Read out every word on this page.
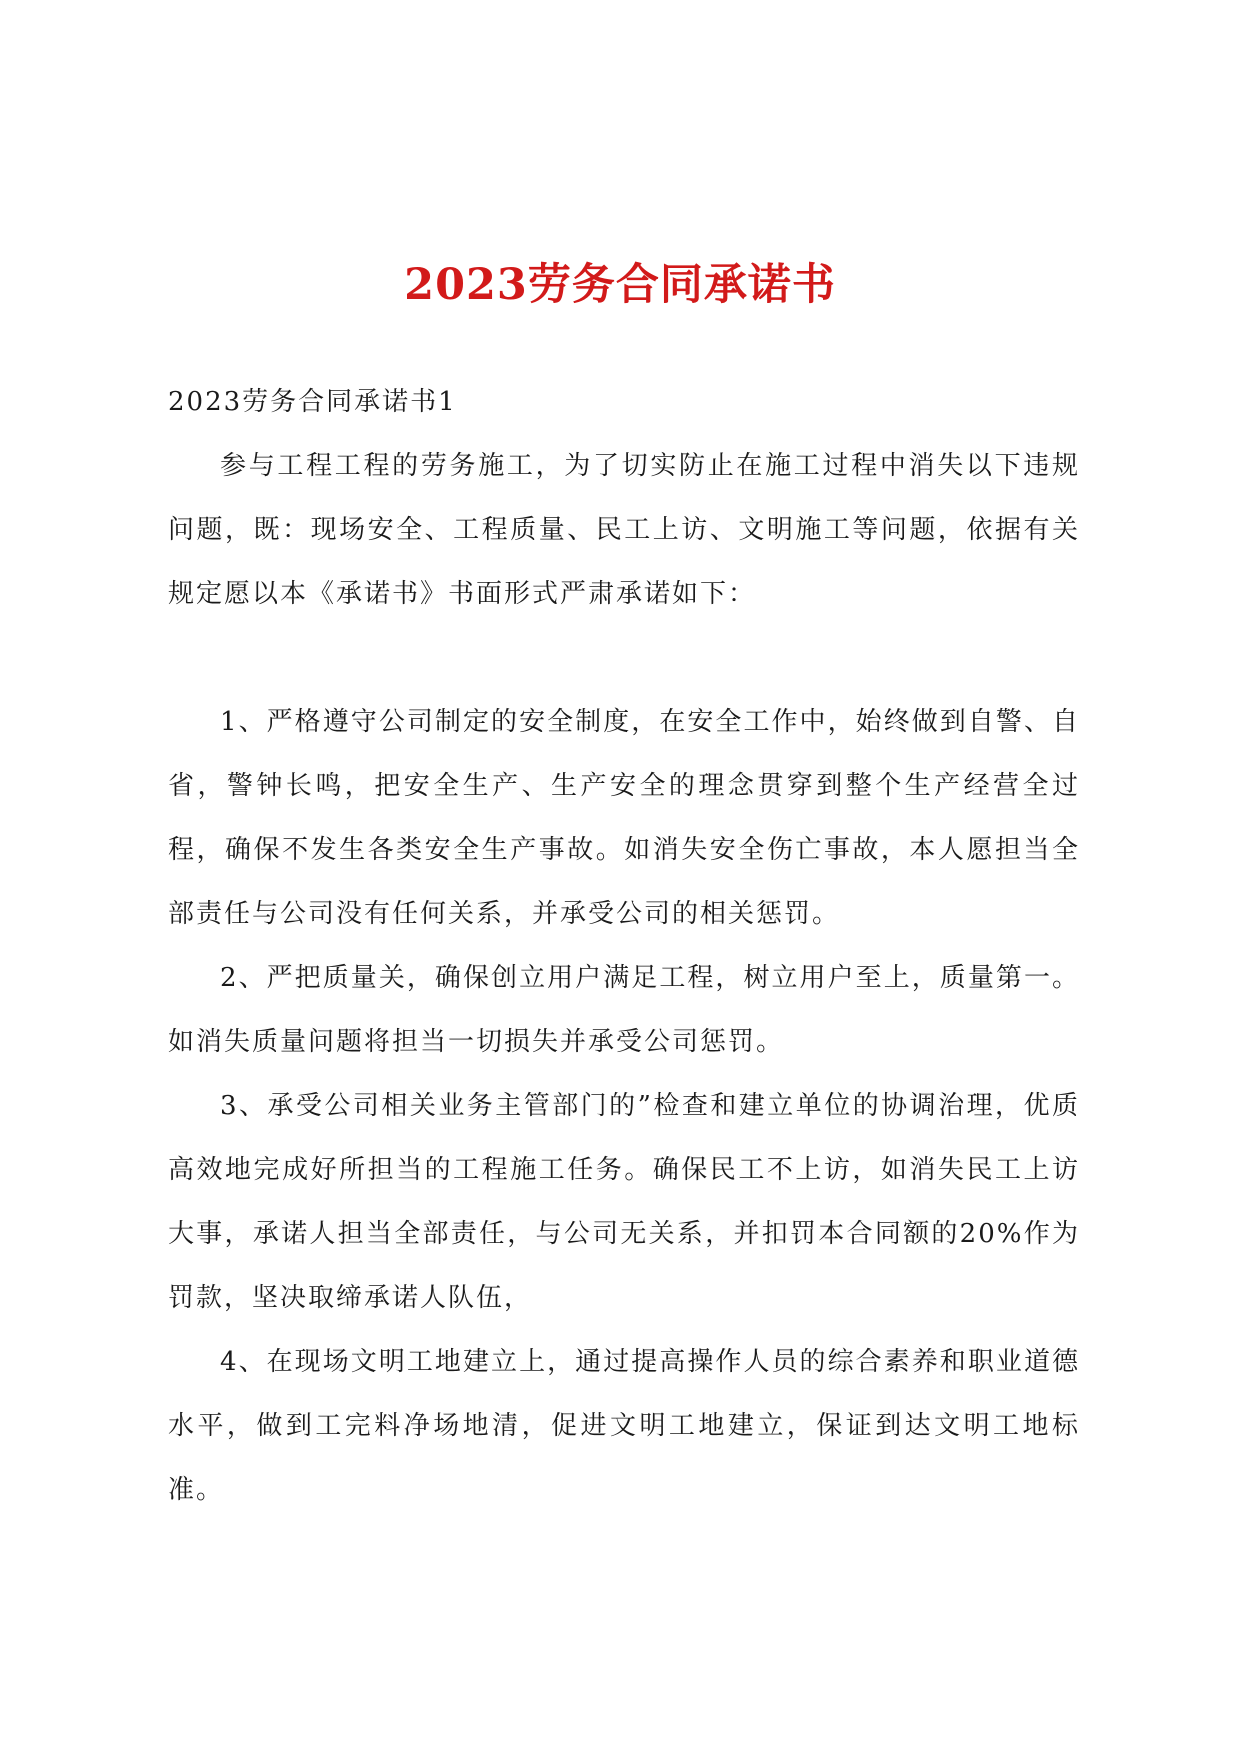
2023劳务合同承诺书

2023劳务合同承诺书1

参与工程工程的劳务施工，为了切实防止在施工过程中消失以下违规问题，既：现场安全、工程质量、民工上访、文明施工等问题，依据有关规定愿以本《承诺书》书面形式严肃承诺如下：

1、严格遵守公司制定的安全制度，在安全工作中，始终做到自警、自省，警钟长鸣，把安全生产、生产安全的理念贯穿到整个生产经营全过程，确保不发生各类安全生产事故。如消失安全伤亡事故，本人愿担当全部责任与公司没有任何关系，并承受公司的相关惩罚。

2、严把质量关，确保创立用户满足工程，树立用户至上，质量第一。如消失质量问题将担当一切损失并承受公司惩罚。

3、承受公司相关业务主管部门的”检查和建立单位的协调治理，优质高效地完成好所担当的工程施工任务。确保民工不上访，如消失民工上访大事，承诺人担当全部责任，与公司无关系，并扣罚本合同额的20%作为罚款，坚决取缔承诺人队伍，

4、在现场文明工地建立上，通过提高操作人员的综合素养和职业道德水平，做到工完料净场地清，促进文明工地建立，保证到达文明工地标准。
